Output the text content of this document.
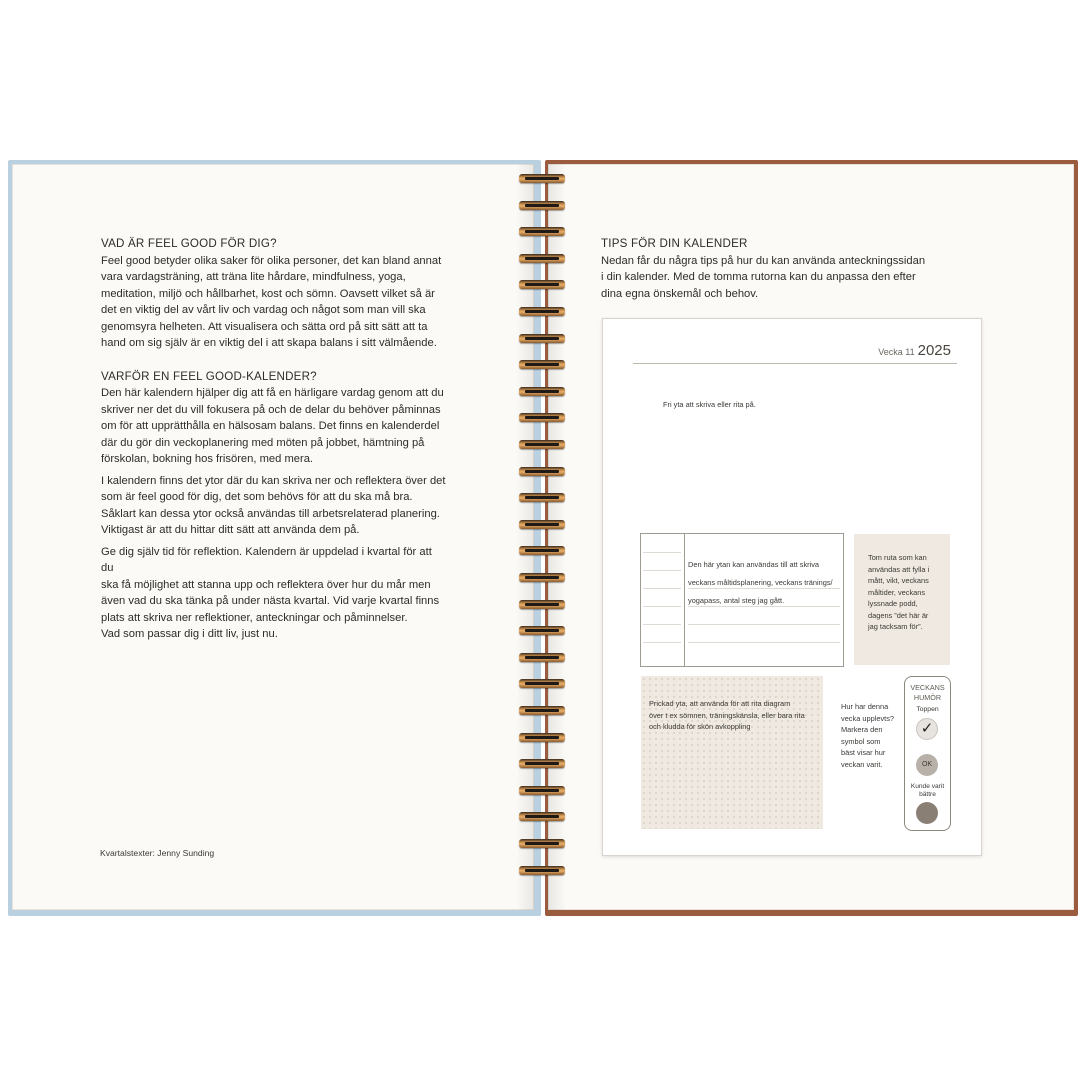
VAD ÄR FEEL GOOD FÖR DIG?
Feel good betyder olika saker för olika personer, det kan bland annat
vara vardagsträning, att träna lite hårdare, mindfulness, yoga,
meditation, miljö och hållbarhet, kost och sömn. Oavsett vilket så är
det en viktig del av vårt liv och vardag och något som man vill ska
genomsyra helheten. Att visualisera och sätta ord på sitt sätt att ta
hand om sig själv är en viktig del i att skapa balans i sitt välmående.
VARFÖR EN FEEL GOOD-KALENDER?
Den här kalendern hjälper dig att få en härligare vardag genom att du
skriver ner det du vill fokusera på och de delar du behöver påminnas
om för att upprätthålla en hälsosam balans. Det finns en kalenderdel
där du gör din veckoplanering med möten på jobbet, hämtning på
förskolan, bokning hos frisören, med mera.
I kalendern finns det ytor där du kan skriva ner och reflektera över det
som är feel good för dig, det som behövs för att du ska må bra.
Såklart kan dessa ytor också användas till arbetsrelaterad planering.
Viktigast är att du hittar ditt sätt att använda dem på.
Ge dig själv tid för reflektion. Kalendern är uppdelad i kvartal för att du
ska få möjlighet att stanna upp och reflektera över hur du mår men
även vad du ska tänka på under nästa kvartal. Vid varje kvartal finns
plats att skriva ner reflektioner, anteckningar och påminnelser.
Vad som passar dig i ditt liv, just nu.
Kvartalstexter: Jenny Sunding
TIPS FÖR DIN KALENDER
Nedan får du några tips på hur du kan använda anteckningssidan
i din kalender. Med de tomma rutorna kan du anpassa den efter
dina egna önskemål och behov.
Vecka 11 2025
Fri yta att skriva eller rita på.
Den här ytan kan användas till att skriva
veckans måltidsplanering, veckans tränings/
yogapass, antal steg jag gått.
Tom ruta som kan
användas att fylla i
mått, vikt, veckans
måltider, veckans
lyssnade podd,
dagens ”det här är
jag tacksam för”.
Prickad yta, att använda för att rita diagram
över t ex sömnen, träningskänsla, eller bara rita
och kludda för skön avkoppling
Hur har denna
vecka upplevts?
Markera den
symbol som
bäst visar hur
veckan varit.
VECKANS
HUMÖR
Toppen
✓
OK
Kunde varit
bättre
